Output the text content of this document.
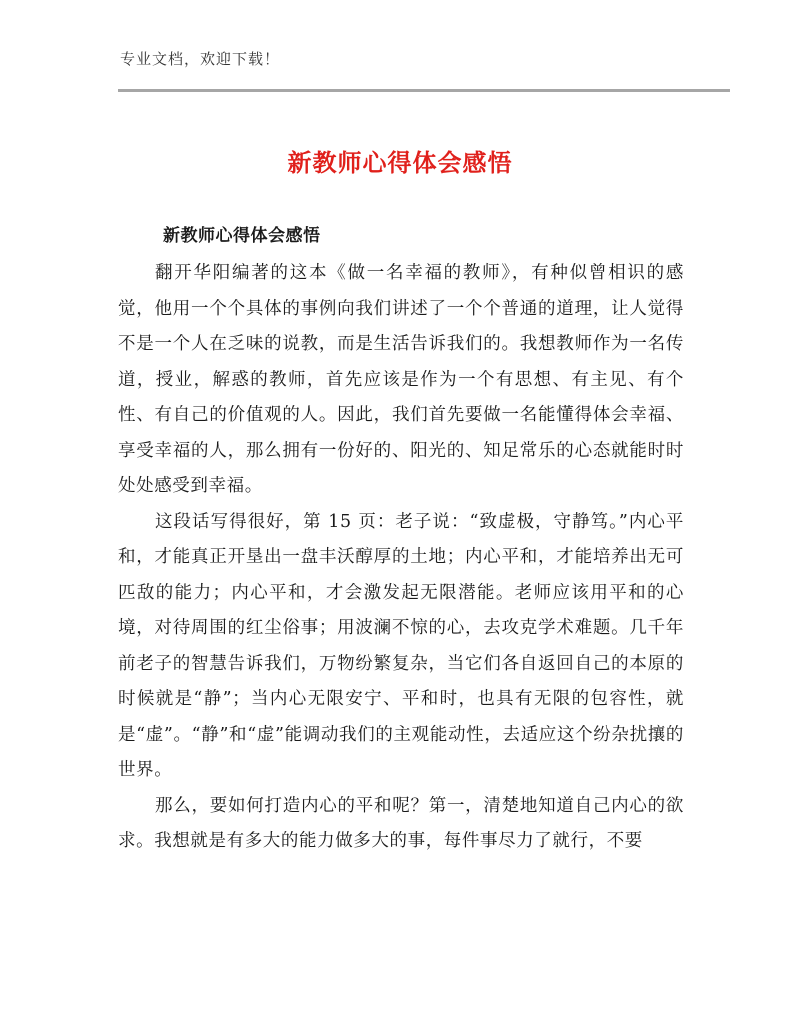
专业文档，欢迎下载！
新教师心得体会感悟
新教师心得体会感悟

翻开华阳编著的这本《做一名幸福的教师》，有种似曾相识的感觉，他用一个个具体的事例向我们讲述了一个个普通的道理，让人觉得不是一个人在乏味的说教，而是生活告诉我们的。我想教师作为一名传道，授业，解惑的教师，首先应该是作为一个有思想、有主见、有个性、有自己的价值观的人。因此，我们首先要做一名能懂得体会幸福、享受幸福的人，那么拥有一份好的、阳光的、知足常乐的心态就能时时处处感受到幸福。

这段话写得很好，第 15 页：老子说：“致虚极，守静笃。”内心平和，才能真正开垦出一盘丰沃醇厚的土地；内心平和，才能培养出无可匹敌的能力；内心平和，才会激发起无限潜能。老师应该用平和的心境，对待周围的红尘俗事；用波澜不惊的心，去攻克学术难题。几千年前老子的智慧告诉我们，万物纷繁复杂，当它们各自返回自己的本原的时候就是“静”；当内心无限安宁、平和时，也具有无限的包容性，就是“虚”。“静”和“虚”能调动我们的主观能动性，去适应这个纷杂扰攘的世界。

那么，要如何打造内心的平和呢？第一，清楚地知道自己内心的欲求。我想就是有多大的能力做多大的事，每件事尽力了就行，不要
